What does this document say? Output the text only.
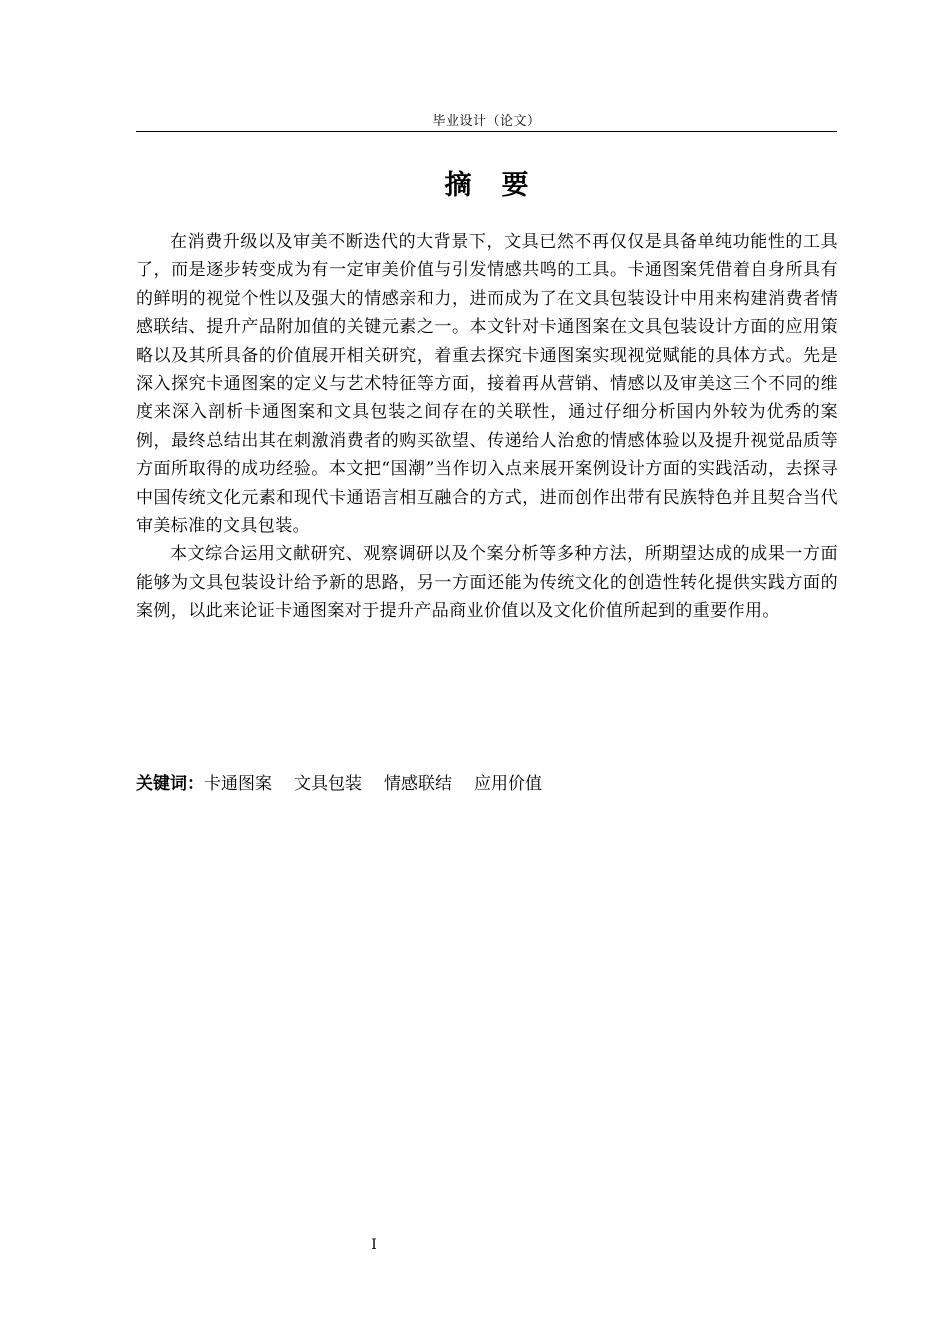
毕业设计（论文）
摘 要

在消费升级以及审美不断迭代的大背景下，文具已然不再仅仅是具备单纯功能性的工具了，而是逐步转变成为有一定审美价值与引发情感共鸣的工具。卡通图案凭借着自身所具有的鲜明的视觉个性以及强大的情感亲和力，进而成为了在文具包装设计中用来构建消费者情感联结、提升产品附加值的关键元素之一。本文针对卡通图案在文具包装设计方面的应用策略以及其所具备的价值展开相关研究，着重去探究卡通图案实现视觉赋能的具体方式。先是深入探究卡通图案的定义与艺术特征等方面，接着再从营销、情感以及审美这三个不同的维度来深入剖析卡通图案和文具包装之间存在的关联性，通过仔细分析国内外较为优秀的案例，最终总结出其在刺激消费者的购买欲望、传递给人治愈的情感体验以及提升视觉品质等方面所取得的成功经验。本文把“国潮”当作切入点来展开案例设计方面的实践活动，去探寻中国传统文化元素和现代卡通语言相互融合的方式，进而创作出带有民族特色并且契合当代审美标准的文具包装。

本文综合运用文献研究、观察调研以及个案分析等多种方法，所期望达成的成果一方面能够为文具包装设计给予新的思路，另一方面还能为传统文化的创造性转化提供实践方面的案例，以此来论证卡通图案对于提升产品商业价值以及文化价值所起到的重要作用。

关键词：卡通图案 文具包装 情感联结 应用价值
I
